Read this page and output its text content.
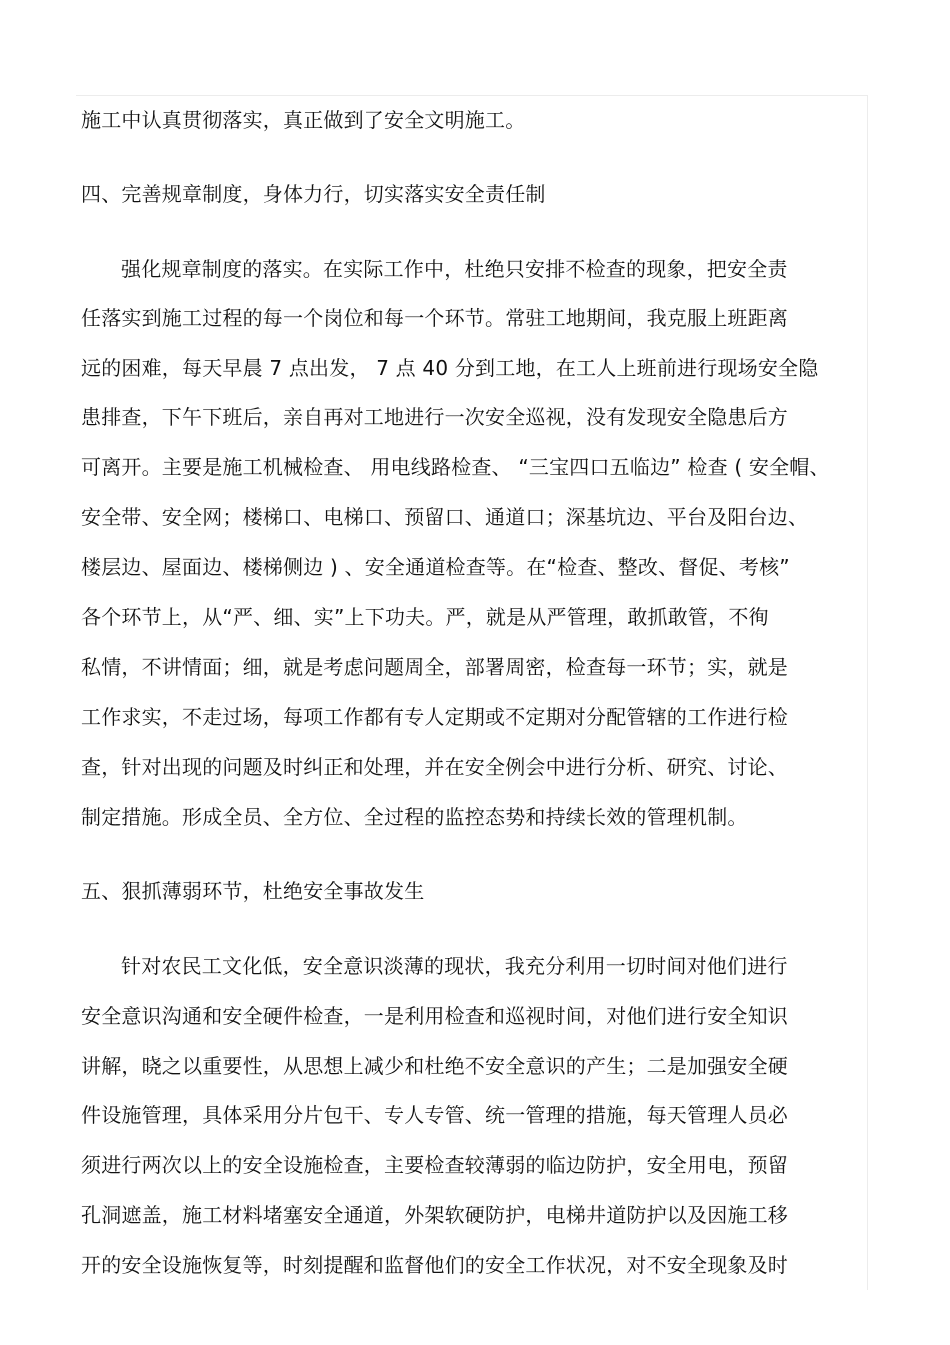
施工中认真贯彻落实，真正做到了安全文明施工。
四、完善规章制度，身体力行，切实落实安全责任制
强化规章制度的落实。在实际工作中，杜绝只安排不检查的现象，把安全责
任落实到施工过程的每一个岗位和每一个环节。常驻工地期间，我克服上班距离
远的困难，每天早晨 7 点出发， 7 点 40 分到工地，在工人上班前进行现场安全隐
患排查，下午下班后，亲自再对工地进行一次安全巡视，没有发现安全隐患后方
可离开。主要是施工机械检查、 用电线路检查、 “三宝四口五临边” 检查 ( 安全帽、
安全带、安全网；楼梯口、电梯口、预留口、通道口；深基坑边、平台及阳台边、
楼层边、屋面边、楼梯侧边 ) 、安全通道检查等。在“检查、整改、督促、考核”
各个环节上，从“严、细、实”上下功夫。严，就是从严管理，敢抓敢管，不徇
私情，不讲情面；细，就是考虑问题周全，部署周密，检查每一环节；实，就是
工作求实，不走过场，每项工作都有专人定期或不定期对分配管辖的工作进行检
查，针对出现的问题及时纠正和处理，并在安全例会中进行分析、研究、讨论、
制定措施。形成全员、全方位、全过程的监控态势和持续长效的管理机制。
五、狠抓薄弱环节，杜绝安全事故发生
针对农民工文化低，安全意识淡薄的现状，我充分利用一切时间对他们进行
安全意识沟通和安全硬件检查，一是利用检查和巡视时间，对他们进行安全知识
讲解，晓之以重要性，从思想上减少和杜绝不安全意识的产生；二是加强安全硬
件设施管理，具体采用分片包干、专人专管、统一管理的措施，每天管理人员必
须进行两次以上的安全设施检查，主要检查较薄弱的临边防护，安全用电，预留
孔洞遮盖，施工材料堵塞安全通道，外架软硬防护，电梯井道防护以及因施工移
开的安全设施恢复等，时刻提醒和监督他们的安全工作状况，对不安全现象及时
